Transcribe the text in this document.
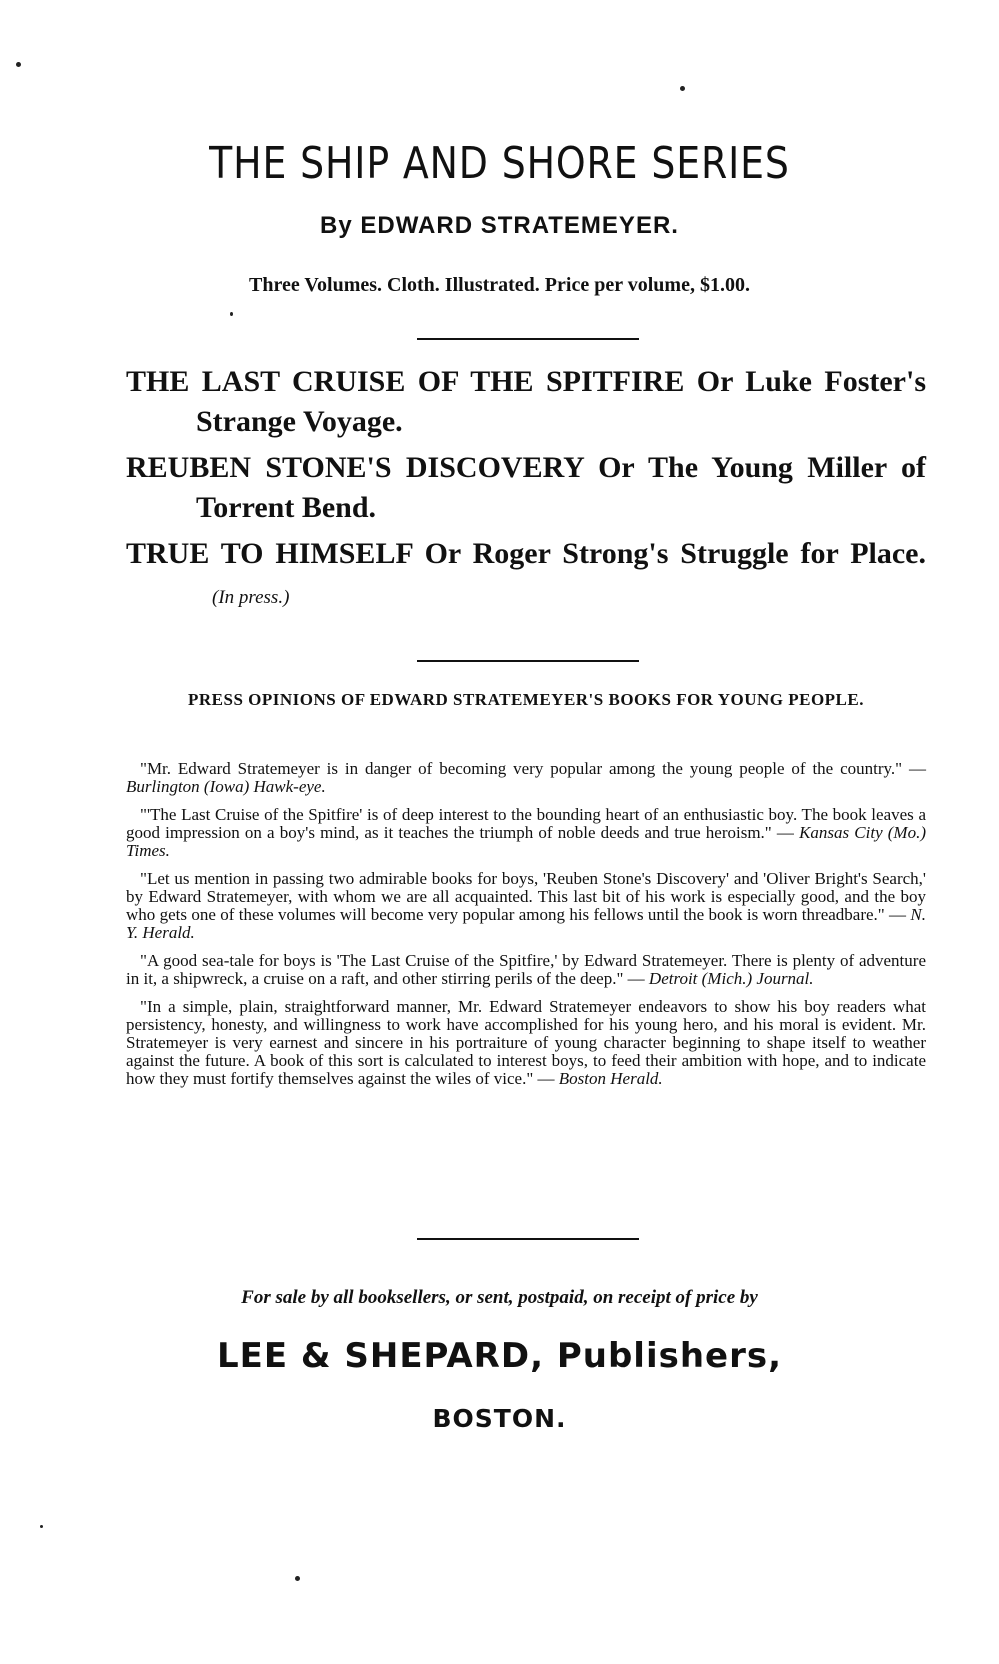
THE SHIP AND SHORE SERIES
By EDWARD STRATEMEYER.
Three Volumes. Cloth. Illustrated. Price per volume, $1.00.
THE LAST CRUISE OF THE SPITFIRE Or Luke Foster's Strange Voyage.
REUBEN STONE'S DISCOVERY Or The Young Miller of Torrent Bend.
TRUE TO HIMSELF Or Roger Strong's Struggle for Place. (In press.)
PRESS OPINIONS OF EDWARD STRATEMEYER'S BOOKS FOR YOUNG PEOPLE.

"Mr. Edward Stratemeyer is in danger of becoming very popular among the young people of the country." — Burlington (Iowa) Hawk-eye.

"'The Last Cruise of the Spitfire' is of deep interest to the bounding heart of an enthusiastic boy. The book leaves a good impression on a boy's mind, as it teaches the triumph of noble deeds and true heroism." — Kansas City (Mo.) Times.

"Let us mention in passing two admirable books for boys, 'Reuben Stone's Discovery' and 'Oliver Bright's Search,' by Edward Stratemeyer, with whom we are all acquainted. This last bit of his work is especially good, and the boy who gets one of these volumes will become very popular among his fellows until the book is worn threadbare." — N. Y. Herald.

"A good sea-tale for boys is 'The Last Cruise of the Spitfire,' by Edward Stratemeyer. There is plenty of adventure in it, a shipwreck, a cruise on a raft, and other stirring perils of the deep." — Detroit (Mich.) Journal.

"In a simple, plain, straightforward manner, Mr. Edward Stratemeyer endeavors to show his boy readers what persistency, honesty, and willingness to work have accomplished for his young hero, and his moral is evident. Mr. Stratemeyer is very earnest and sincere in his portraiture of young character beginning to shape itself to weather against the future. A book of this sort is calculated to interest boys, to feed their ambition with hope, and to indicate how they must fortify themselves against the wiles of vice." — Boston Herald.

For sale by all booksellers, or sent, postpaid, on receipt of price by
LEE & SHEPARD, Publishers,
BOSTON.
